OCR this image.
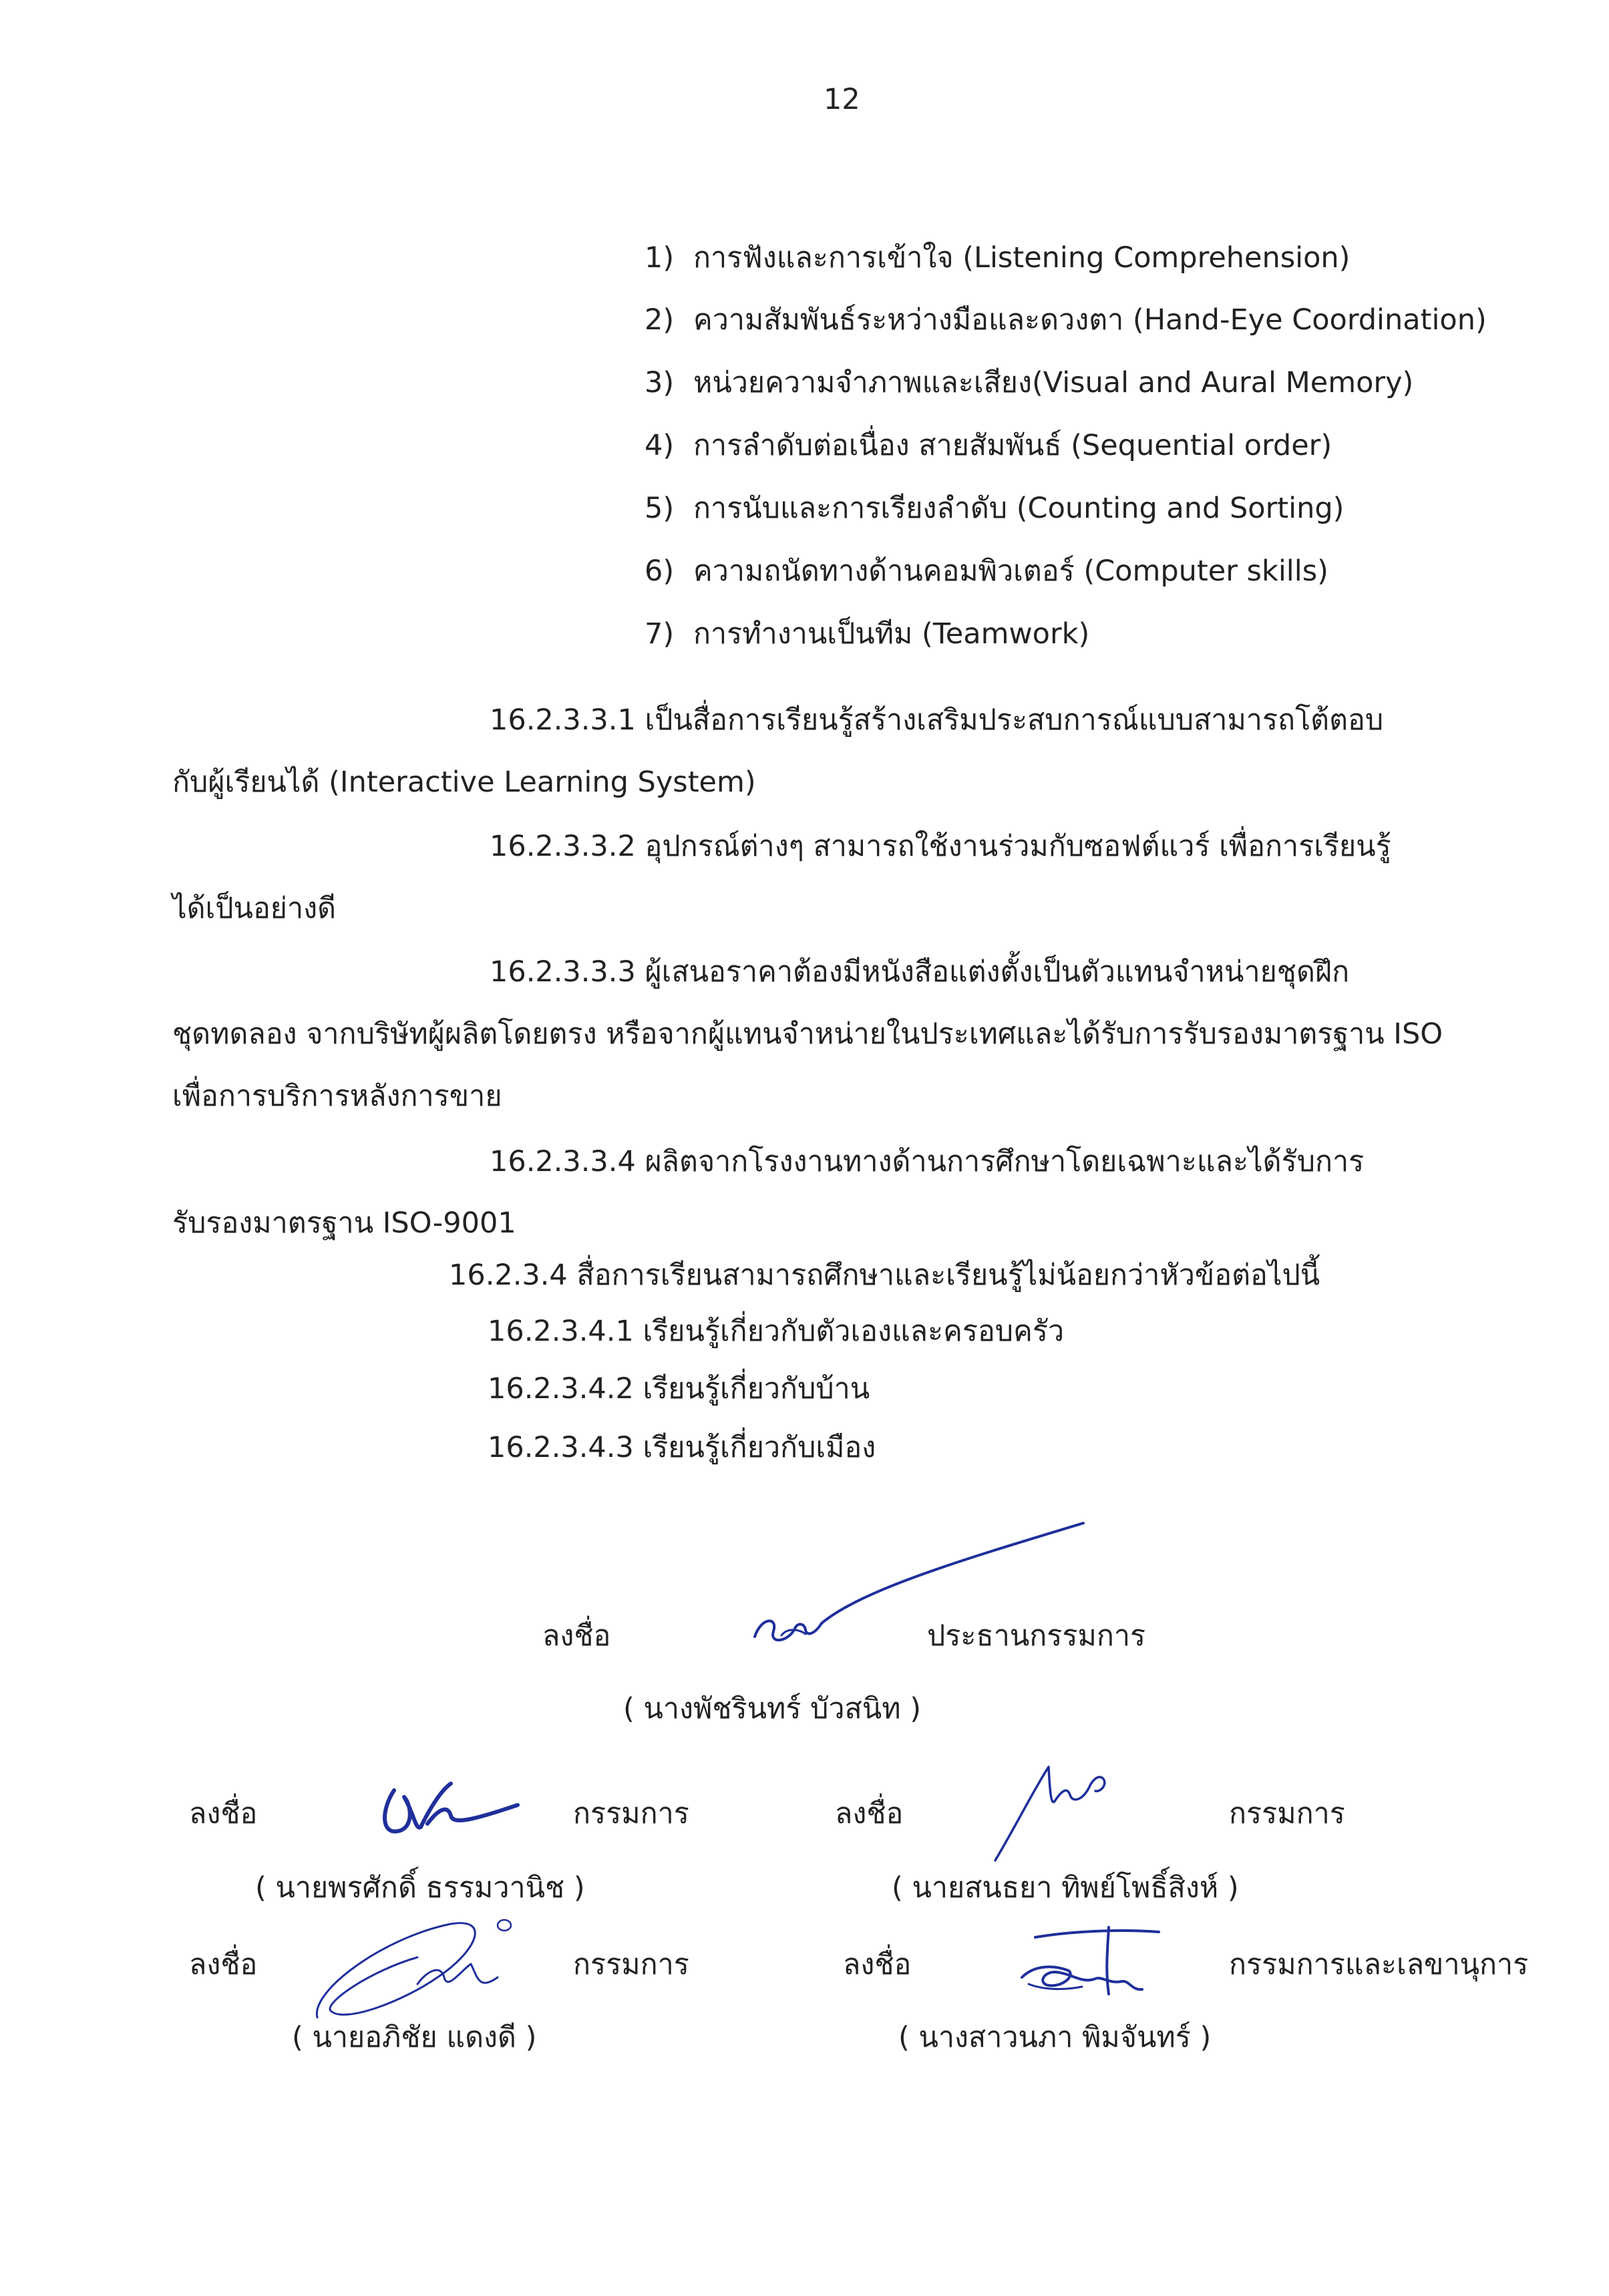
12
1) การฟังและการเข้าใจ (Listening Comprehension)
2) ความสัมพันธ์ระหว่างมือและดวงตา (Hand-Eye Coordination)
3) หน่วยความจำภาพและเสียง(Visual and Aural Memory)
4) การลำดับต่อเนื่อง สายสัมพันธ์ (Sequential order)
5) การนับและการเรียงลำดับ (Counting and Sorting)
6) ความถนัดทางด้านคอมพิวเตอร์ (Computer skills)
7) การทำงานเป็นทีม (Teamwork)
16.2.3.3.1 เป็นสื่อการเรียนรู้สร้างเสริมประสบการณ์แบบสามารถโต้ตอบ
กับผู้เรียนได้ (Interactive Learning System)
16.2.3.3.2 อุปกรณ์ต่างๆ สามารถใช้งานร่วมกับซอฟต์แวร์ เพื่อการเรียนรู้
ได้เป็นอย่างดี
16.2.3.3.3 ผู้เสนอราคาต้องมีหนังสือแต่งตั้งเป็นตัวแทนจำหน่ายชุดฝึก
ชุดทดลอง จากบริษัทผู้ผลิตโดยตรง หรือจากผู้แทนจำหน่ายในประเทศและได้รับการรับรองมาตรฐาน ISO
เพื่อการบริการหลังการขาย
16.2.3.3.4 ผลิตจากโรงงานทางด้านการศึกษาโดยเฉพาะและได้รับการ
รับรองมาตรฐาน ISO-9001
16.2.3.4 สื่อการเรียนสามารถศึกษาและเรียนรู้ไม่น้อยกว่าหัวข้อต่อไปนี้
16.2.3.4.1 เรียนรู้เกี่ยวกับตัวเองและครอบครัว
16.2.3.4.2 เรียนรู้เกี่ยวกับบ้าน
16.2.3.4.3 เรียนรู้เกี่ยวกับเมือง
ลงชื่อ	ประธานกรรมการ
( นางพัชรินทร์ บัวสนิท )
ลงชื่อ	กรรมการ
( นายพรศักดิ์ ธรรมวานิช )
ลงชื่อ	กรรมการ
( นายสนธยา ทิพย์โพธิ์สิงห์ )
ลงชื่อ	กรรมการ
( นายอภิชัย แดงดี )
ลงชื่อ	กรรมการและเลขานุการ
( นางสาวนภา พิมจันทร์ )
